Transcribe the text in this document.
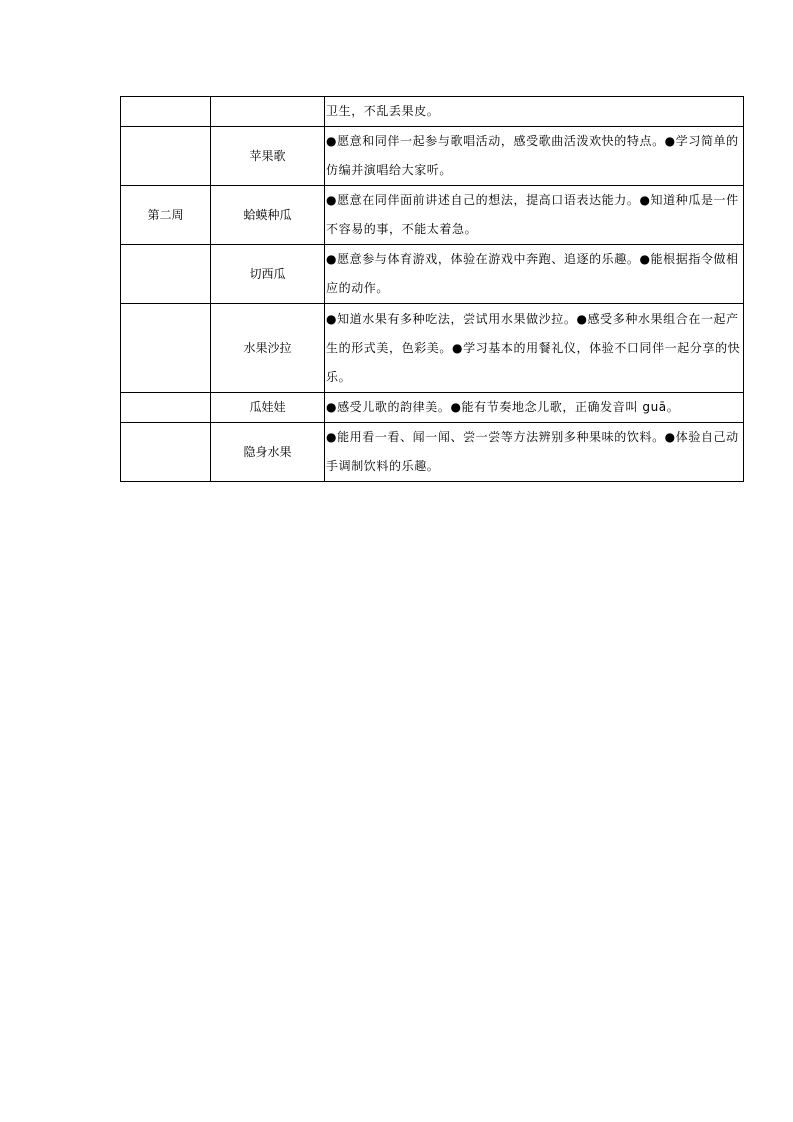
		卫生，不乱丢果皮。
	苹果歌	●愿意和同伴一起参与歌唱活动，感受歌曲活泼欢快的特点。●学习简单的仿编并演唱给大家听。
第二周	蛤蟆种瓜	●愿意在同伴面前讲述自己的想法，提高口语表达能力。●知道种瓜是一件不容易的事，不能太着急。
	切西瓜	●愿意参与体育游戏，体验在游戏中奔跑、追逐的乐趣。●能根据指令做相应的动作。
	水果沙拉	●知道水果有多种吃法，尝试用水果做沙拉。●感受多种水果组合在一起产生的形式美，色彩美。●学习基本的用餐礼仪，体验不口同伴一起分享的快乐。
	瓜娃娃	●感受儿歌的韵律美。●能有节奏地念儿歌，正确发音叫 guā。
	隐身水果	●能用看一看、闻一闻、尝一尝等方法辨别多种果味的饮料。●体验自己动手调制饮料的乐趣。
